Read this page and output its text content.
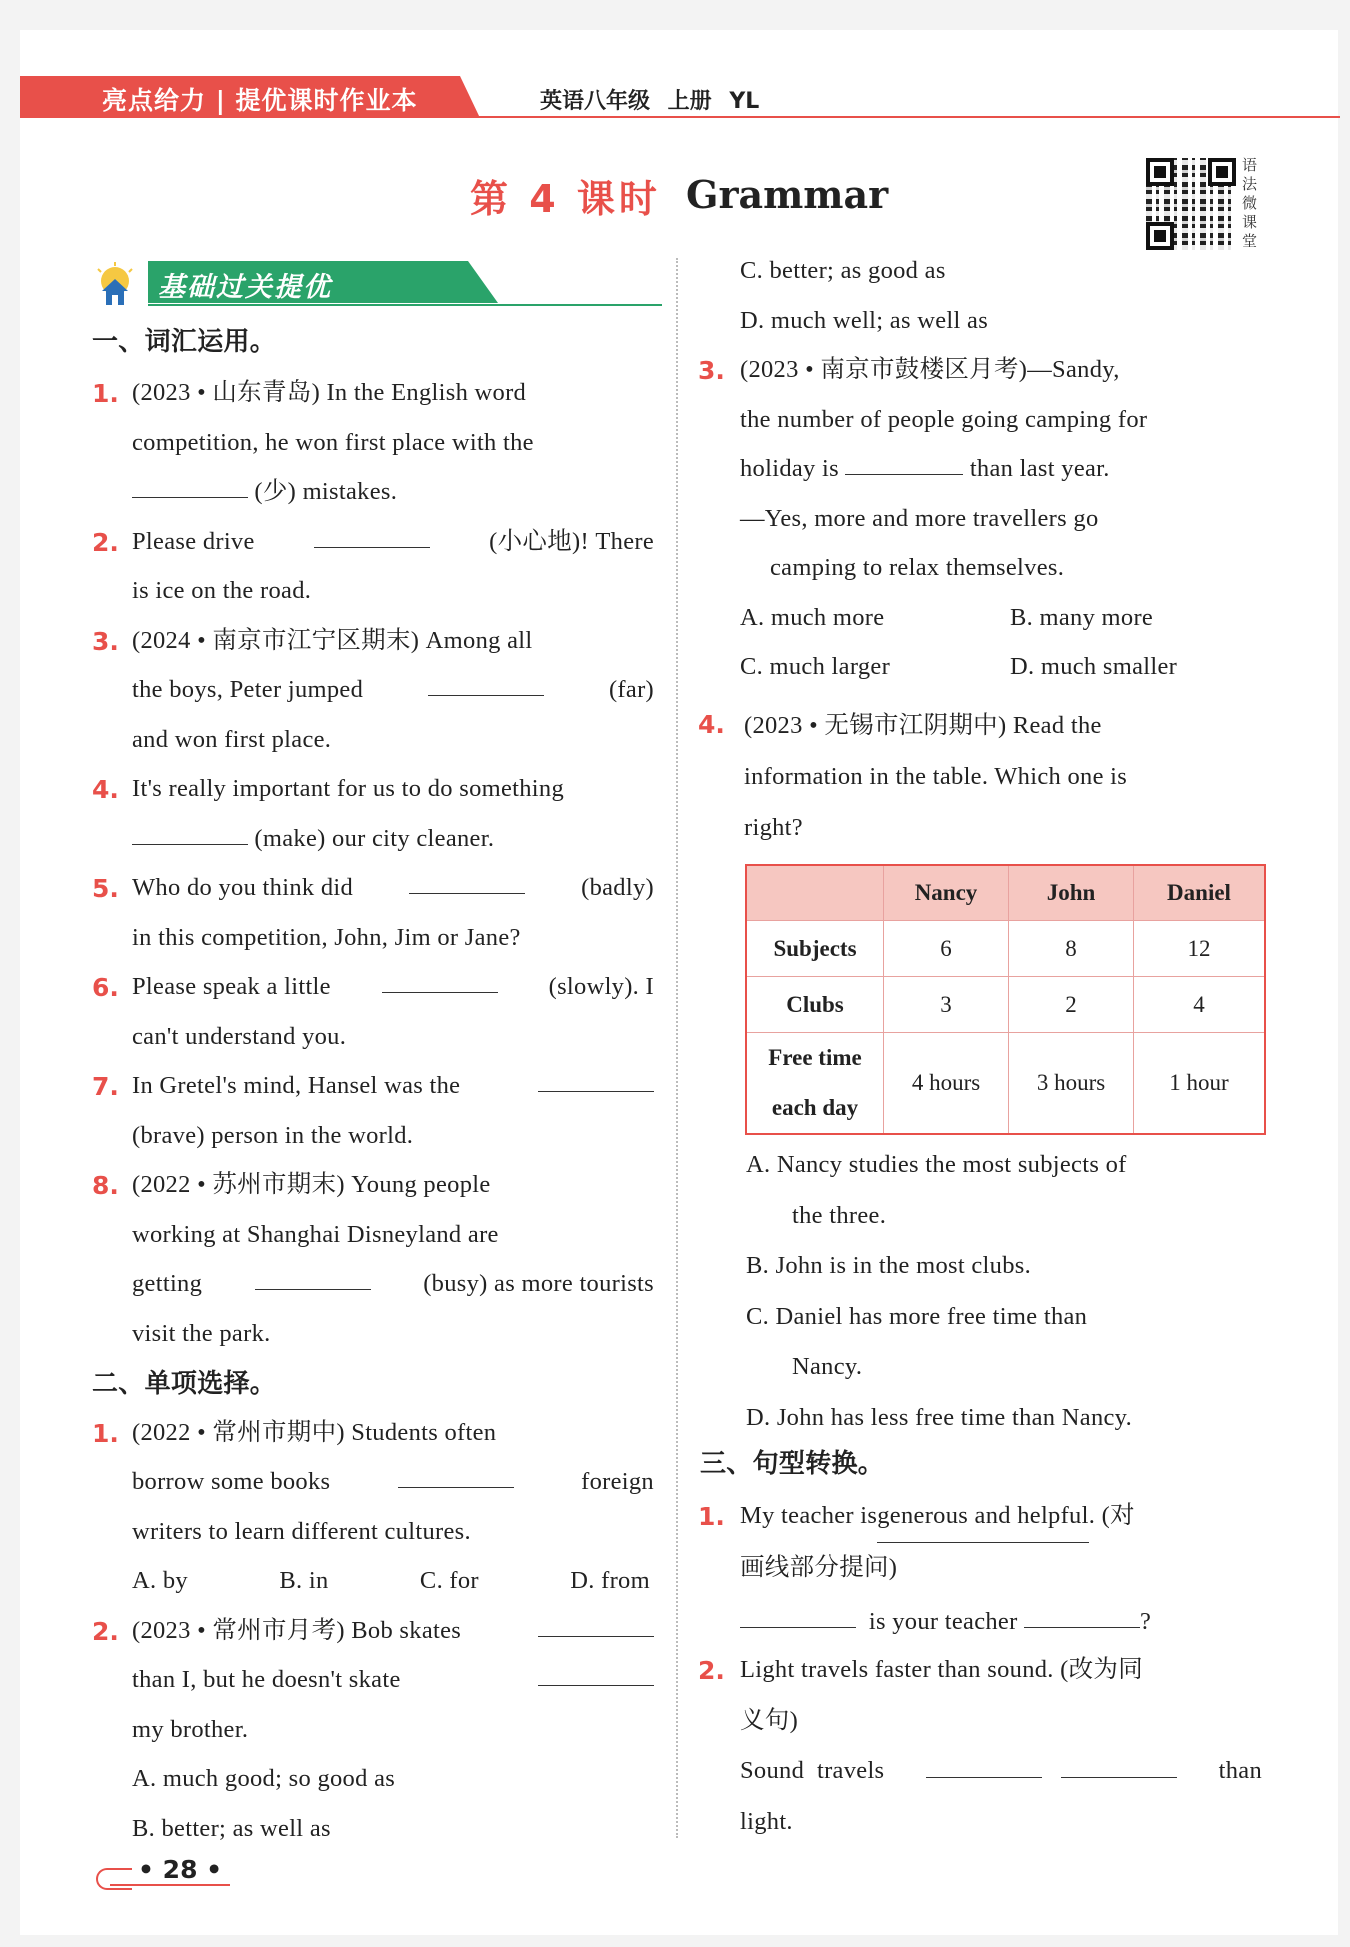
亮点给力 | 提优课时作业本	英语八年级 上册 YL
第 4 课时 Grammar
语法微课堂
基础过关提优
一、词汇运用。
1. (2023 • 山东青岛) In the English word
competition, he won first place with the
(少) mistakes.
2. Please drive	(小心地)! There
is ice on the road.
3. (2024 • 南京市江宁区期末) Among all
the boys, Peter jumped	(far)
and won first place.
4. It's really important for us to do something
(make) our city cleaner.
5. Who do you think did	(badly)
in this competition, John, Jim or Jane?
6. Please speak a little	(slowly). I
can't understand you.
7. In Gretel's mind, Hansel was the
(brave) person in the world.
8. (2022 • 苏州市期末) Young people
working at Shanghai Disneyland are
getting	(busy) as more tourists
visit the park.
二、单项选择。
1. (2022 • 常州市期中) Students often
borrow some books	foreign
writers to learn different cultures.
A. by	B. in	C. for	D. from
2. (2023 • 常州市月考) Bob skates
than I, but he doesn't skate
my brother.
A. much good; so good as
B. better; as well as
C. better; as good as
D. much well; as well as
3. (2023 • 南京市鼓楼区月考)—Sandy,
the number of people going camping for
holiday is	than last year.
—Yes, more and more travellers go
camping to relax themselves.
A. much more	B. many more
C. much larger	D. much smaller
4. (2023 • 无锡市江阴期中) Read the
information in the table. Which one is
right?
	Nancy	John	Daniel
Subjects	6	8	12
Clubs	3	2	4
Free time each day	4 hours	3 hours	1 hour
A. Nancy studies the most subjects of
the three.
B. John is in the most clubs.
C. Daniel has more free time than
Nancy.
D. John has less free time than Nancy.
三、句型转换。
1. My teacher is generous and helpful . (对
画线部分提问)
is your teacher	?
2. Light travels faster than sound. (改为同
义句)
Sound  travels
	than
light.
• 28 •
